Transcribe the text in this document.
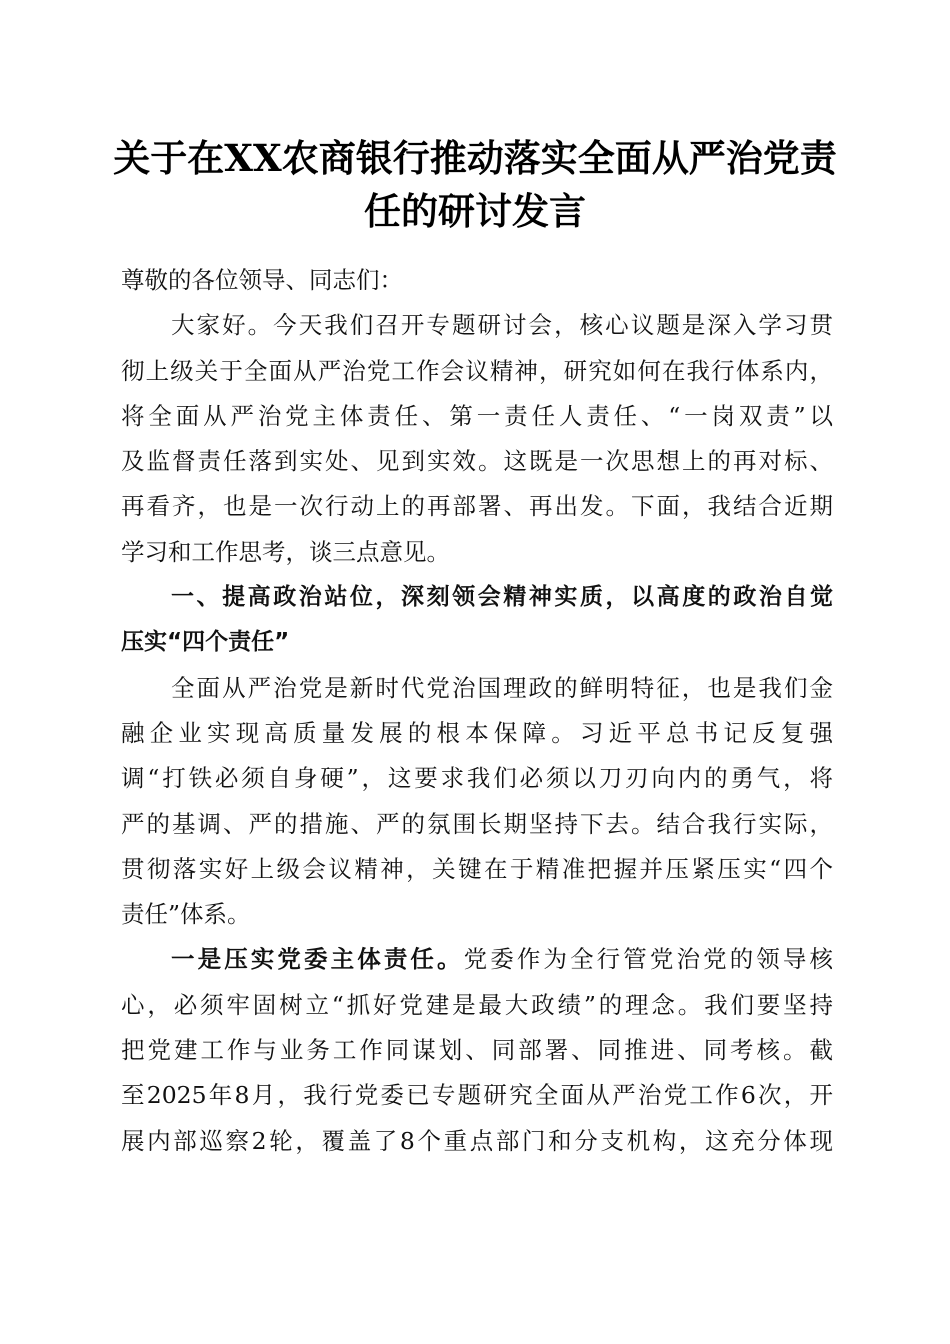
关于在XX农商银行推动落实全面从严治党责
任的研讨发言
尊敬的各位领导、同志们：
大家好。今天我们召开专题研讨会，核心议题是深入学习贯
彻上级关于全面从严治党工作会议精神，研究如何在我行体系内，
将全面从严治党主体责任、第一责任人责任、“一岗双责”以
及监督责任落到实处、见到实效。这既是一次思想上的再对标、
再看齐，也是一次行动上的再部署、再出发。下面，我结合近期
学习和工作思考，谈三点意见。
一、提高政治站位，深刻领会精神实质，以高度的政治自觉
压实“四个责任”
全面从严治党是新时代党治国理政的鲜明特征，也是我们金
融企业实现高质量发展的根本保障。习近平总书记反复强
调“打铁必须自身硬”，这要求我们必须以刀刃向内的勇气，将
严的基调、严的措施、严的氛围长期坚持下去。结合我行实际，
贯彻落实好上级会议精神，关键在于精准把握并压紧压实“四个
责任”体系。
一是压实党委主体责任。党委作为全行管党治党的领导核
心，必须牢固树立“抓好党建是最大政绩”的理念。我们要坚持
把党建工作与业务工作同谋划、同部署、同推进、同考核。截
至2025年8月，我行党委已专题研究全面从严治党工作6次，开
展内部巡察2轮，覆盖了8个重点部门和分支机构，这充分体现
